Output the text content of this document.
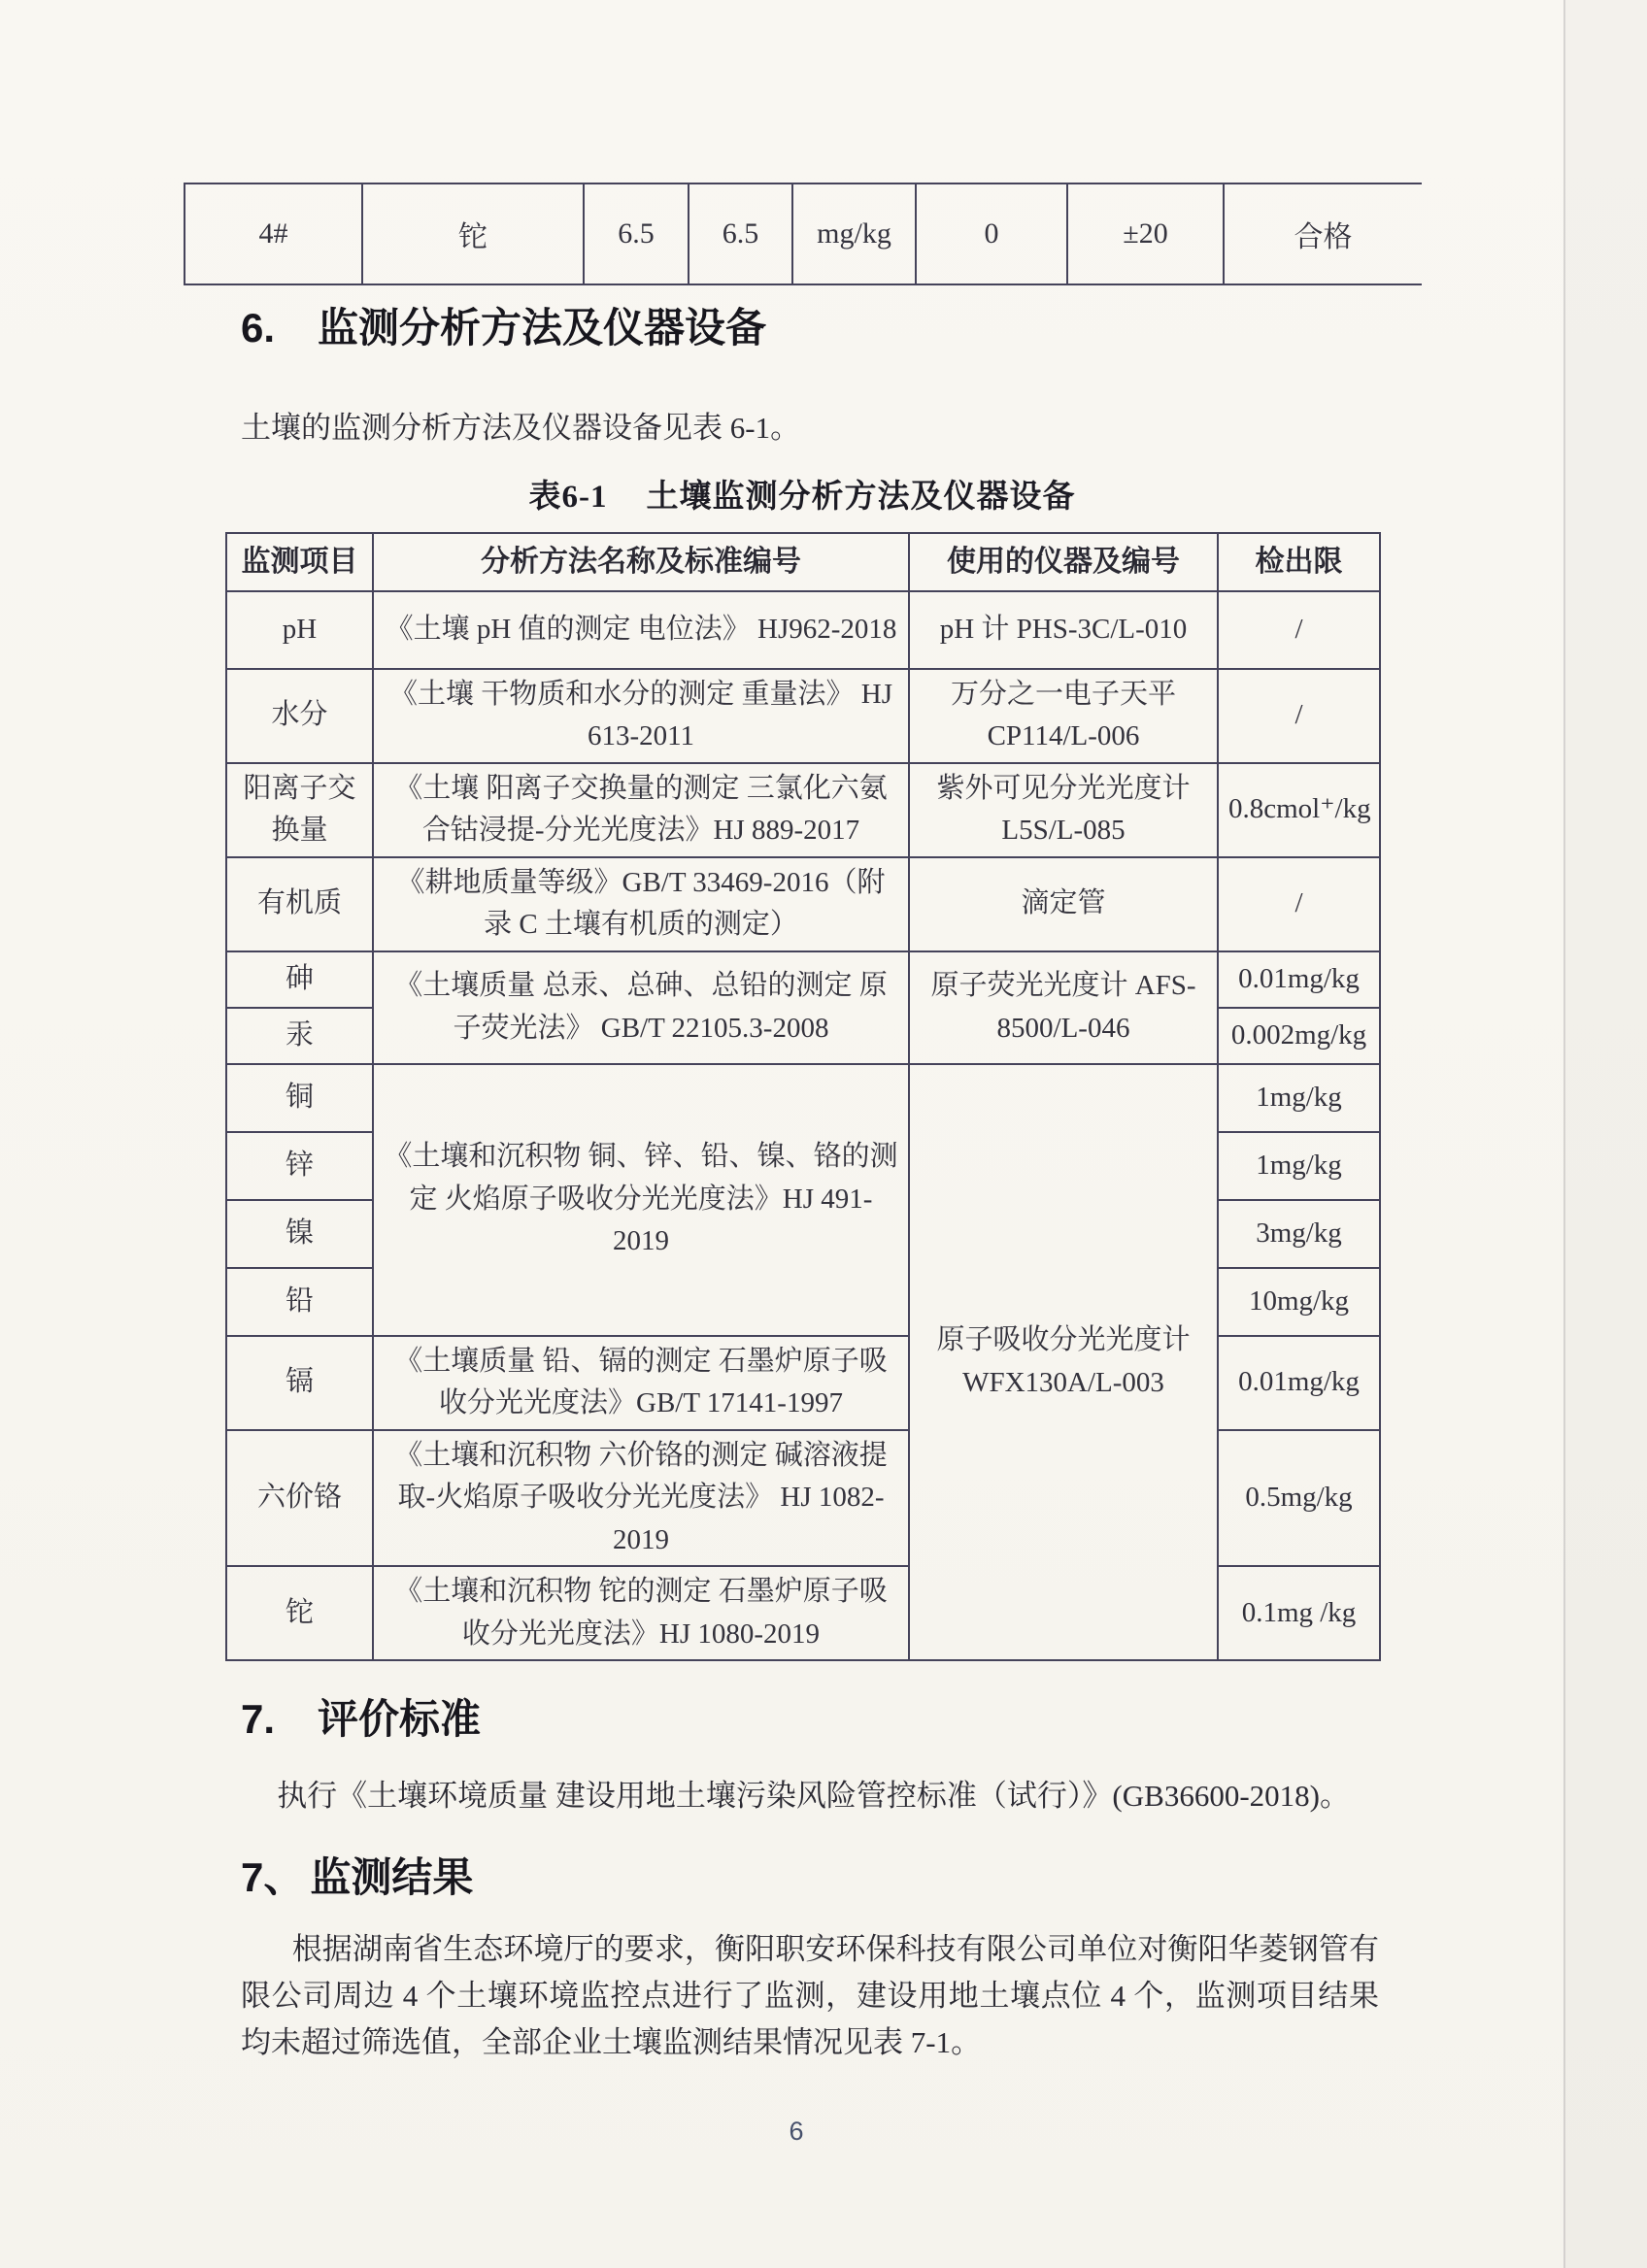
4#	铊	6.5	6.5	mg/kg	0	±20	合格
6. 监测分析方法及仪器设备

土壤的监测分析方法及仪器设备见表 6-1。

表6-1 土壤监测分析方法及仪器设备
监测项目	分析方法名称及标准编号	使用的仪器及编号	检出限
pH	《土壤 pH 值的测定 电位法》 HJ962-2018	pH 计 PHS-3C/L-010	/
水分	《土壤 干物质和水分的测定 重量法》 HJ 613-2011	万分之一电子天平 CP114/L-006	/
阳离子交换量	《土壤 阳离子交换量的测定 三氯化六氨合钴浸提-分光光度法》HJ 889-2017	紫外可见分光光度计 L5S/L-085	0.8cmol⁺/kg
有机质	《耕地质量等级》GB/T 33469-2016（附录 C 土壤有机质的测定）	滴定管	/
砷	《土壤质量 总汞、总砷、总铅的测定 原子荧光法》 GB/T 22105.3-2008	原子荧光光度计 AFS-8500/L-046	0.01mg/kg
汞			0.002mg/kg
铜	《土壤和沉积物 铜、锌、铅、镍、铬的测定 火焰原子吸收分光光度法》HJ 491-2019	原子吸收分光光度计 WFX130A/L-003	1mg/kg
锌			1mg/kg
镍			3mg/kg
铅			10mg/kg
镉	《土壤质量 铅、镉的测定 石墨炉原子吸收分光光度法》GB/T 17141-1997		0.01mg/kg
六价铬	《土壤和沉积物 六价铬的测定 碱溶液提取-火焰原子吸收分光光度法》 HJ 1082-2019		0.5mg/kg
铊	《土壤和沉积物 铊的测定 石墨炉原子吸收分光光度法》HJ 1080-2019		0.1mg /kg
7. 评价标准

执行《土壤环境质量 建设用地土壤污染风险管控标准（试行）》(GB36600-2018)。

7、 监测结果

根据湖南省生态环境厅的要求，衡阳职安环保科技有限公司单位对衡阳华菱钢管有限公司周边 4 个土壤环境监控点进行了监测，建设用地土壤点位 4 个，监测项目结果均未超过筛选值，全部企业土壤监测结果情况见表 7-1。

6
